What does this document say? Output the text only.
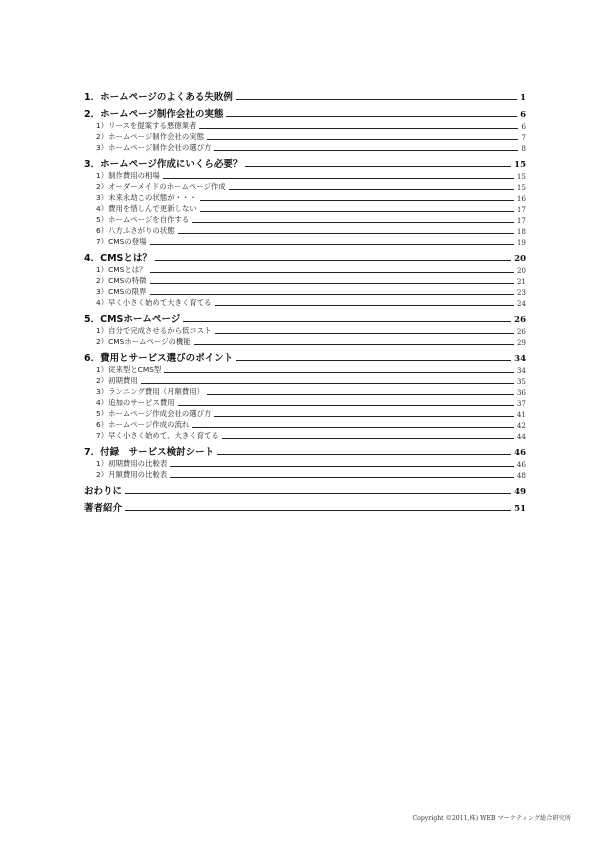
1．ホームページのよくある失敗例	1
2．ホームページ制作会社の実態	6
1）リースを提案する悪徳業者	6
2）ホームページ制作会社の実態	7
3）ホームページ制作会社の選び方	8
3．ホームページ作成にいくら必要？	15
1）制作費用の相場	15
2）オーダーメイドのホームページ作成	15
3）未来永劫この状態が・・・	16
4）費用を惜しんで更新しない	17
5）ホームページを自作する	17
6）八方ふさがりの状態	18
7）CMSの登場	19
4．CMSとは？	20
1）CMSとは？	20
2）CMSの特徴	21
3）CMSの限界	23
4）早く小さく始めて大きく育てる	24
5．CMSホームページ	26
1）自分で完成させるから低コスト	26
2）CMSホームページの機能	29
6．費用とサービス選びのポイント	34
1）従来型とCMS型	34
2）初期費用	35
3）ランニング費用（月額費用）	36
4）追加のサービス費用	37
5）ホームページ作成会社の選び方	41
6）ホームページ作成の流れ	42
7）早く小さく始めて、大きく育てる	44
7．付録　サービス検討シート	46
1）初期費用の比較表	46
2）月額費用の比較表	48
おわりに	49
著者紹介	51
Copyright ©2011,株) WEB マーケティング総合研究所
